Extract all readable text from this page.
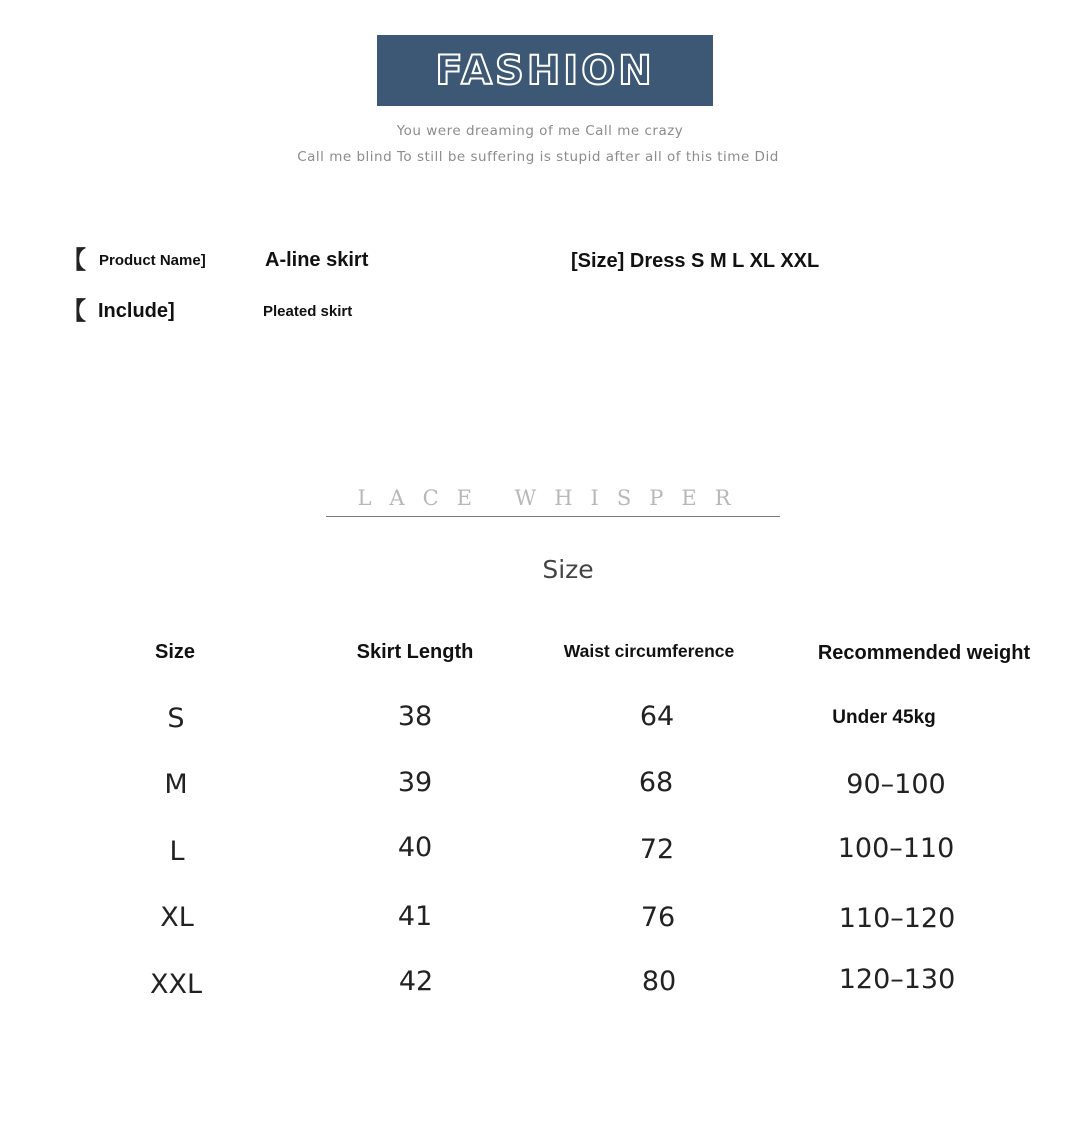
FASHION
You were dreaming of me Call me crazy
Call me blind To still be suffering is stupid after all of this time Did
【 Product Name]	A-line skirt	[Size] Dress S M L XL XXL
【 Include]	Pleated skirt
LACE WHISPER
Size
Size	Skirt Length	Waist circumference	Recommended weight
S	38	64	Under 45kg
M	39	68	90–100
L	40	72	100–110
XL	41	76	110–120
XXL	42	80	120–130
